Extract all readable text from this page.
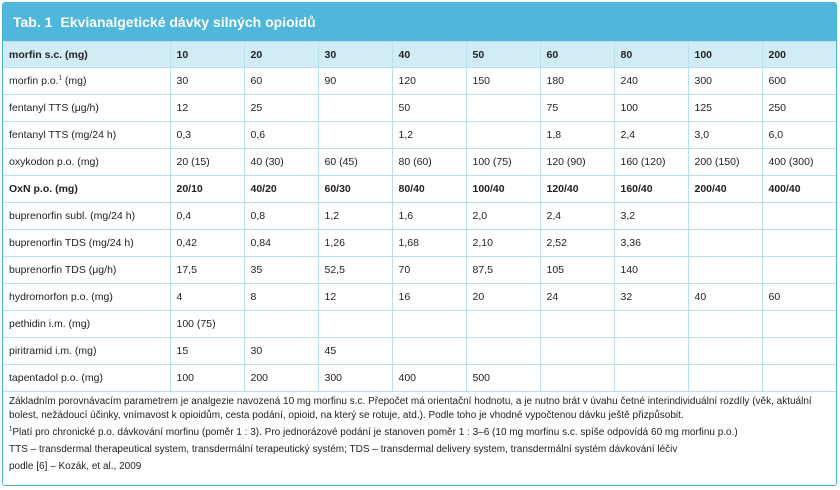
Tab. 1 Ekvianalgetické dávky silných opioidů
morfin s.c. (mg)	10	20	30	40	50	60	80	100	200
morfin p.o.$^1$ (mg)	30	60	90	120	150	180	240	300	600
fentanyl TTS (μg/h)	12	25		50		75	100	125	250
fentanyl TTS (mg/24 h)	0,3	0,6		1,2		1,8	2,4	3,0	6,0
oxykodon p.o. (mg)	20 (15)	40 (30)	60 (45)	80 (60)	100 (75)	120 (90)	160 (120)	200 (150)	400 (300)
OxN p.o. (mg)	20/10	40/20	60/30	80/40	100/40	120/40	160/40	200/40	400/40
buprenorfin subl. (mg/24 h)	0,4	0,8	1,2	1,6	2,0	2,4	3,2		
buprenorfin TDS (mg/24 h)	0,42	0,84	1,26	1,68	2,10	2,52	3,36		
buprenorfin TDS (μg/h)	17,5	35	52,5	70	87,5	105	140		
hydromorfon p.o. (mg)	4	8	12	16	20	24	32	40	60
pethidin i.m. (mg)	100 (75)								
piritramid i.m. (mg)	15	30	45						
tapentadol p.o. (mg)	100	200	300	400	500				

Základním porovnávacím parametrem je analgezie navozená 10 mg morfinu s.c. Přepočet má orientační hodnotu, a je nutno brát v úvahu četné interindividuální rozdíly (věk, aktuální bolest, nežádoucí účinky, vnímavost k opioidům, cesta podání, opioid, na který se rotuje, atd.). Podle toho je vhodné vypočtenou dávku ještě přizpůsobit.

$^1$Platí pro chronické p.o. dávkování morfinu (poměr 1 : 3). Pro jednorázové podání je stanoven poměr 1 : 3–6 (10 mg morfinu s.c. spíše odpovídá 60 mg morfinu p.o.)

TTS – transdermal therapeutical system, transdermální terapeutický systém; TDS – transdermal delivery system, transdermální systém dávkování léčiv

podle [6] – Kozák, et al., 2009
